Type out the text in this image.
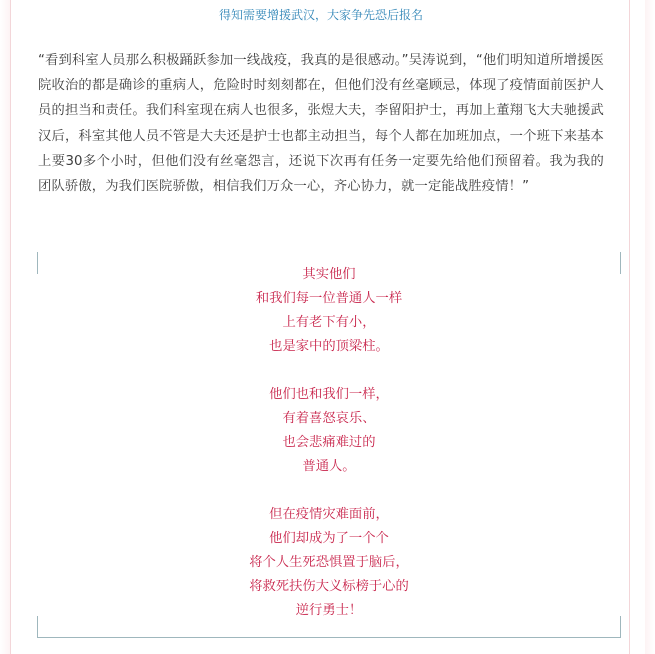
得知需要增援武汉，大家争先恐后报名

“看到科室人员那么积极踊跃参加一线战疫，我真的是很感动。”吴涛说到，“他们明知道所增援医院收治的都是确诊的重病人，危险时时刻刻都在，但他们没有丝毫顾忌，体现了疫情面前医护人员的担当和责任。我们科室现在病人也很多，张煜大夫，李留阳护士，再加上董翔飞大夫驰援武汉后，科室其他人员不管是大夫还是护士也都主动担当，每个人都在加班加点，一个班下来基本上要30多个小时，但他们没有丝毫怨言，还说下次再有任务一定要先给他们预留着。我为我的团队骄傲，为我们医院骄傲，相信我们万众一心，齐心协力，就一定能战胜疫情！”

其实他们
和我们每一位普通人一样
上有老下有小，
也是家中的顶梁柱。
他们也和我们一样，
有着喜怒哀乐、
也会悲痛难过的
普通人。
但在疫情灾难面前，
他们却成为了一个个
将个人生死恐惧置于脑后，
将救死扶伤大义标榜于心的
逆行勇士！
